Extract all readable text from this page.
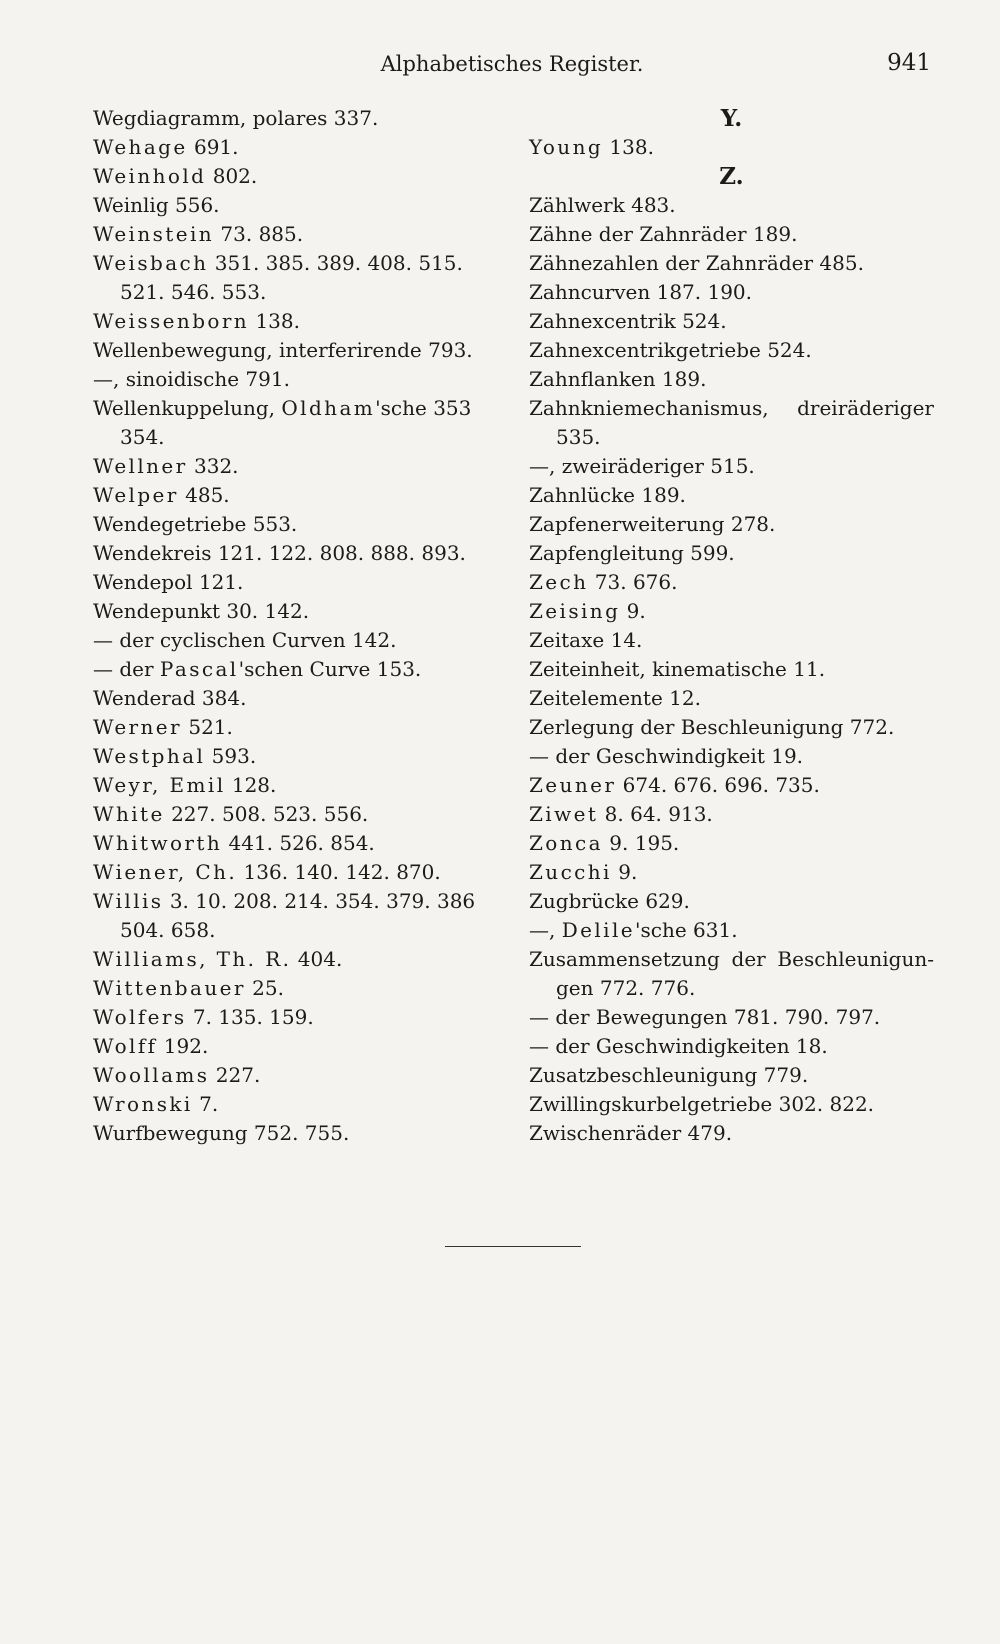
Alphabetisches Register.	941
Wegdiagramm, polares 337.
Wehage 691.
Weinhold 802.
Weinlig 556.
Weinstein 73. 885.
Weisbach 351. 385. 389. 408. 515.
521. 546. 553.
Weissenborn 138.
Wellenbewegung, interferirende 793.
—, sinoidische 791.
Wellenkuppelung, Oldham'sche 353
354.
Wellner 332.
Welper 485.
Wendegetriebe 553.
Wendekreis 121. 122. 808. 888. 893.
Wendepol 121.
Wendepunkt 30. 142.
— der cyclischen Curven 142.
— der Pascal'schen Curve 153.
Wenderad 384.
Werner 521.
Westphal 593.
Weyr, Emil 128.
White 227. 508. 523. 556.
Whitworth 441. 526. 854.
Wiener, Ch. 136. 140. 142. 870.
Willis 3. 10. 208. 214. 354. 379. 386
504. 658.
Williams, Th. R. 404.
Wittenbauer 25.
Wolfers 7. 135. 159.
Wolff 192.
Woollams 227.
Wronski 7.
Wurfbewegung 752. 755.
Y.
Young 138.
Z.
Zählwerk 483.
Zähne der Zahnräder 189.
Zähnezahlen der Zahnräder 485.
Zahncurven 187. 190.
Zahnexcentrik 524.
Zahnexcentrikgetriebe 524.
Zahnflanken 189.
Zahnkniemechanismus, dreiräderiger
535.
—, zweiräderiger 515.
Zahnlücke 189.
Zapfenerweiterung 278.
Zapfengleitung 599.
Zech 73. 676.
Zeising 9.
Zeitaxe 14.
Zeiteinheit, kinematische 11.
Zeitelemente 12.
Zerlegung der Beschleunigung 772.
— der Geschwindigkeit 19.
Zeuner 674. 676. 696. 735.
Ziwet 8. 64. 913.
Zonca 9. 195.
Zucchi 9.
Zugbrücke 629.
—, Delile'sche 631.
Zusammensetzung der Beschleunigun-
gen 772. 776.
— der Bewegungen 781. 790. 797.
— der Geschwindigkeiten 18.
Zusatzbeschleunigung 779.
Zwillingskurbelgetriebe 302. 822.
Zwischenräder 479.
